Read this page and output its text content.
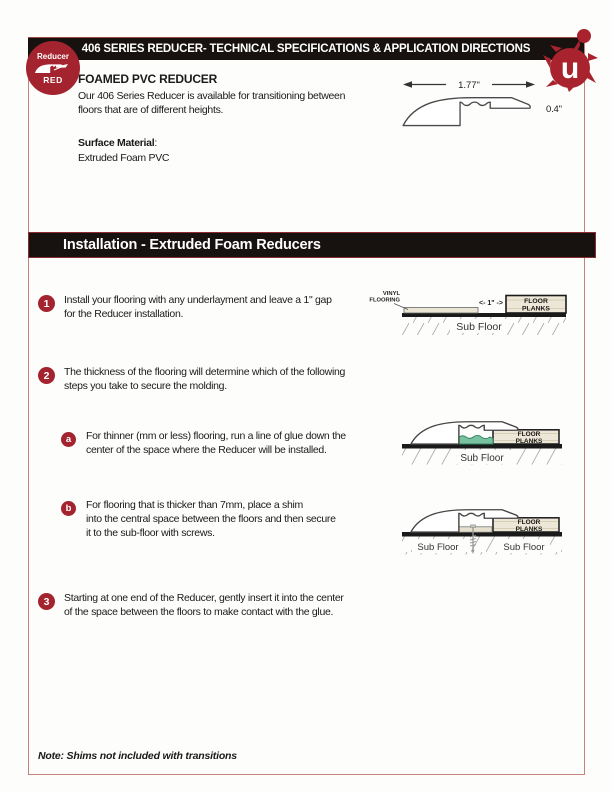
406 SERIES REDUCER- TECHNICAL SPECIFICATIONS & APPLICATION DIRECTIONS
Reducer
RED	u
FOAMED PVC REDUCER
Our 406 Series Reducer is available for transitioning between
floors that are of different heights.
Surface Material:
Extruded Foam PVC
1.77"
0.4"
Installation - Extruded Foam Reducers
1	Install your flooring with any underlayment and leave a 1" gap
for the Reducer installation.
Sub Floor
VINYL
FLOORING	<- 1" ->	FLOOR
PLANKS
2	The thickness of the flooring will determine which of the following
steps you take to secure the molding.
a	For thinner (mm or less) flooring, run a line of glue down the
center of the space where the Reducer will be installed.
Sub Floor
FLOOR
PLANKS
b	For flooring that is thicker than 7mm, place a shim
into the central space between the floors and then secure
it to the sub-floor with screws.
Sub Floor	Sub Floor
FLOOR
PLANKS
3	Starting at one end of the Reducer, gently insert it into the center
of the space between the floors to make contact with the glue.
Note: Shims not included with transitions
